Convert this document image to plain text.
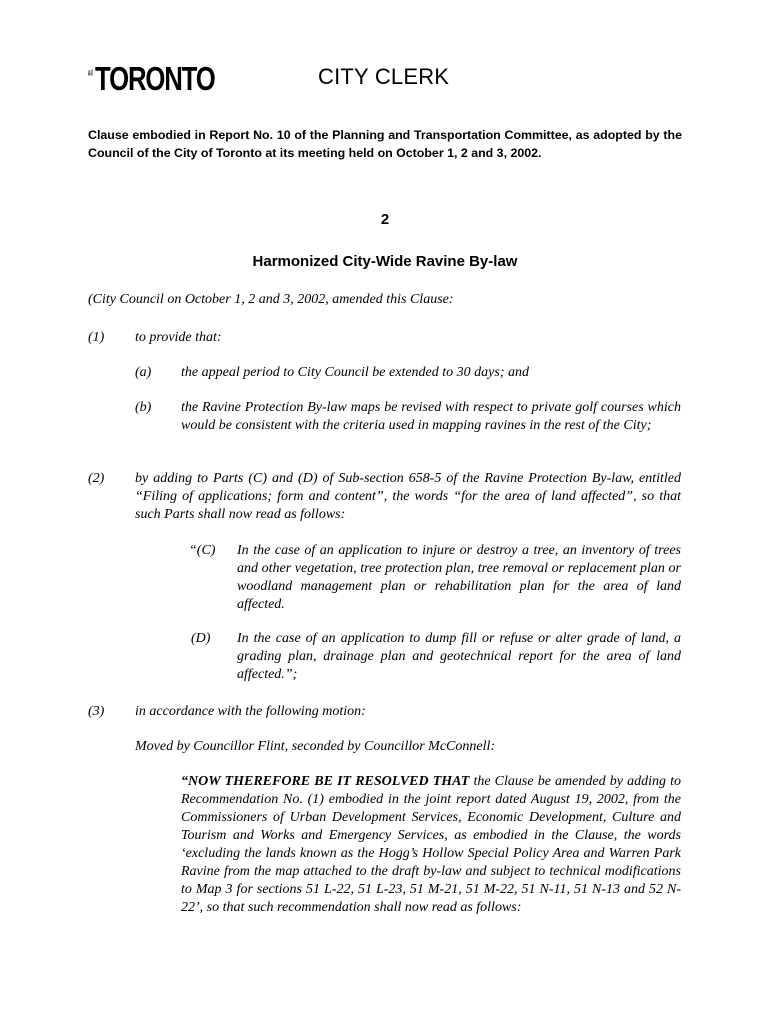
TORONTO	CITY CLERK
Clause embodied in Report No. 10 of the Planning and Transportation Committee, as adopted by the Council of the City of Toronto at its meeting held on October 1, 2 and 3, 2002.
2
Harmonized City-Wide Ravine By-law
(City Council on October 1, 2 and 3, 2002, amended this Clause:
(1) to provide that:
(a) the appeal period to City Council be extended to 30 days; and
(b) the Ravine Protection By-law maps be revised with respect to private golf courses which would be consistent with the criteria used in mapping ravines in the rest of the City;
(2) by adding to Parts (C) and (D) of Sub-section 658-5 of the Ravine Protection By-law, entitled “Filing of applications; form and content”, the words “for the area of land affected”, so that such Parts shall now read as follows:
“(C) In the case of an application to injure or destroy a tree, an inventory of trees and other vegetation, tree protection plan, tree removal or replacement plan or woodland management plan or rehabilitation plan for the area of land affected.
(D) In the case of an application to dump fill or refuse or alter grade of land, a grading plan, drainage plan and geotechnical report for the area of land affected.”;
(3) in accordance with the following motion:
Moved by Councillor Flint, seconded by Councillor McConnell:
“NOW THEREFORE BE IT RESOLVED THAT the Clause be amended by adding to Recommendation No. (1) embodied in the joint report dated August 19, 2002, from the Commissioners of Urban Development Services, Economic Development, Culture and Tourism and Works and Emergency Services, as embodied in the Clause, the words ‘excluding the lands known as the Hogg’s Hollow Special Policy Area and Warren Park Ravine from the map attached to the draft by-law and subject to technical modifications to Map 3 for sections 51 L-22, 51 L-23, 51 M-21, 51 M-22, 51 N-11, 51 N-13 and 52 N-22’, so that such recommendation shall now read as follows:
